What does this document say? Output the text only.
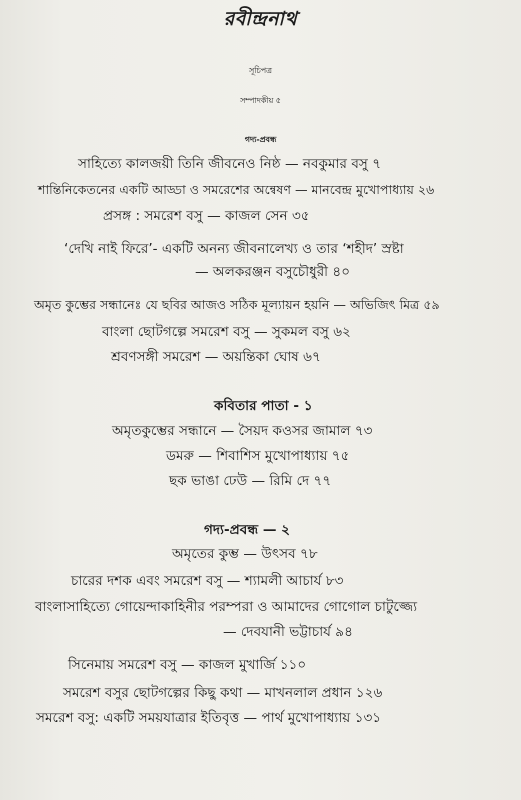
রবীন্দ্রনাথ
সূচিপত্র
সম্পাদকীয় ৫
গদ্য-প্রবন্ধ
সাহিত্যে কালজয়ী তিনি জীবনেও নিষ্ঠ — নবকুমার বসু ৭
শান্তিনিকেতনের একটি আড্ডা ও সমরেশের অন্বেষণ — মানবেন্দ্র মুখোপাধ্যায় ২৬
প্রসঙ্গ : সমরেশ বসু — কাজল সেন ৩৫
‘দেখি নাই ফিরে’- একটি অনন্য জীবনালেখ্য ও তার ‘শহীদ’ স্রষ্টা
— অলকরঞ্জন বসুচৌধুরী ৪০
অমৃত কুম্ভের সন্ধানেঃ যে ছবির আজও সঠিক মূল্যায়ন হয়নি — অভিজিৎ মিত্র ৫৯
বাংলা ছোটগল্পে সমরেশ বসু — সুকমল বসু ৬২
শ্রবণসঙ্গী সমরেশ — অয়ন্তিকা ঘোষ ৬৭
কবিতার পাতা - ১
অমৃতকুম্ভের সন্ধানে — সৈয়দ কওসর জামাল ৭৩
ডমরু — শিবাশিস মুখোপাধ্যায় ৭৫
ছক ভাঙা ঢেউ — রিমি দে ৭৭
গদ্য-প্রবন্ধ — ২
অমৃতের কুম্ভ — উৎসব ৭৮
চারের দশক এবং সমরেশ বসু — শ্যামলী আচার্য ৮৩
বাংলাসাহিত্যে গোয়েন্দাকাহিনীর পরম্পরা ও আমাদের গোগোল চাটুজ্জ্যে
— দেবযানী ভট্টাচার্য ৯৪
সিনেমায় সমরেশ বসু — কাজল মুখার্জি ১১০
সমরেশ বসুর ছোটগল্পের কিছু কথা — মাখনলাল প্রধান ১২৬
সমরেশ বসু: একটি সময়যাত্রার ইতিবৃত্ত — পার্থ মুখোপাধ্যায় ১৩১
